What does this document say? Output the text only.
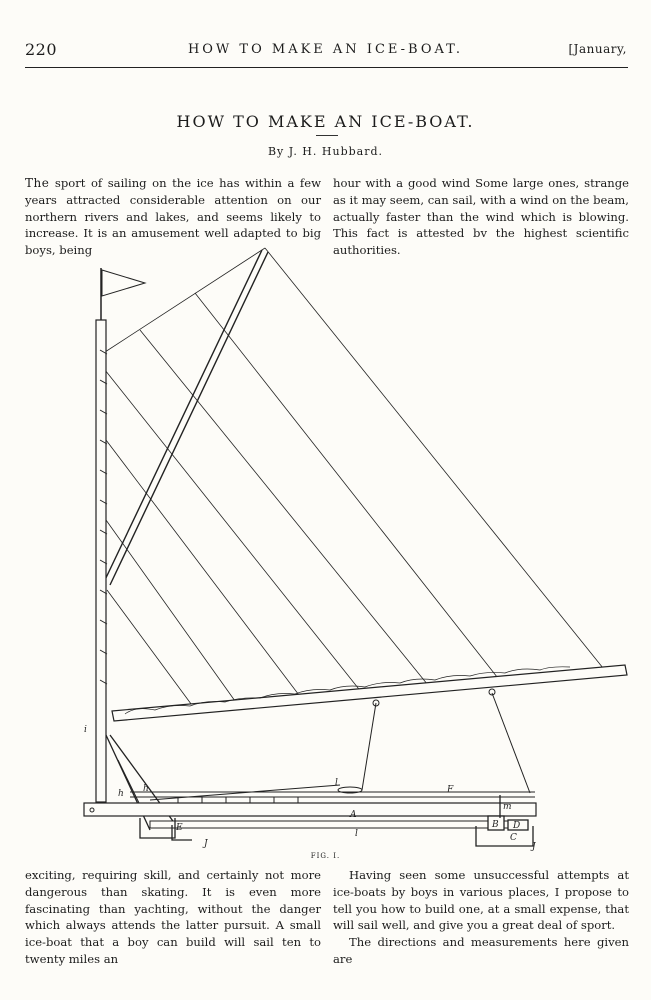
220	HOW TO MAKE AN ICE-BOAT.	[January,
HOW TO MAKE AN ICE-BOAT.
By J. H. Hubbard.

The sport of sailing on the ice has within a few years attracted considerable attention on our northern rivers and lakes, and seems likely to increase. It is an amusement well adapted to big boys, being

hour with a good wind Some large ones, strange as it may seem, can sail, with a wind on the beam, actually faster than the wind which is blowing. This fact is attested bv the highest scientific authorities.

i
h
h
l
F
A
E
J
l
m
B D
C
J
FIG. I.

exciting, requiring skill, and certainly not more dangerous than skating. It is even more fascinating than yachting, without the danger which always attends the latter pursuit. A small ice-boat that a boy can build will sail ten to twenty miles an

Having seen some unsuccessful attempts at ice-boats by boys in various places, I propose to tell you how to build one, at a small expense, that will sail well, and give you a great deal of sport.

The directions and measurements here given are
